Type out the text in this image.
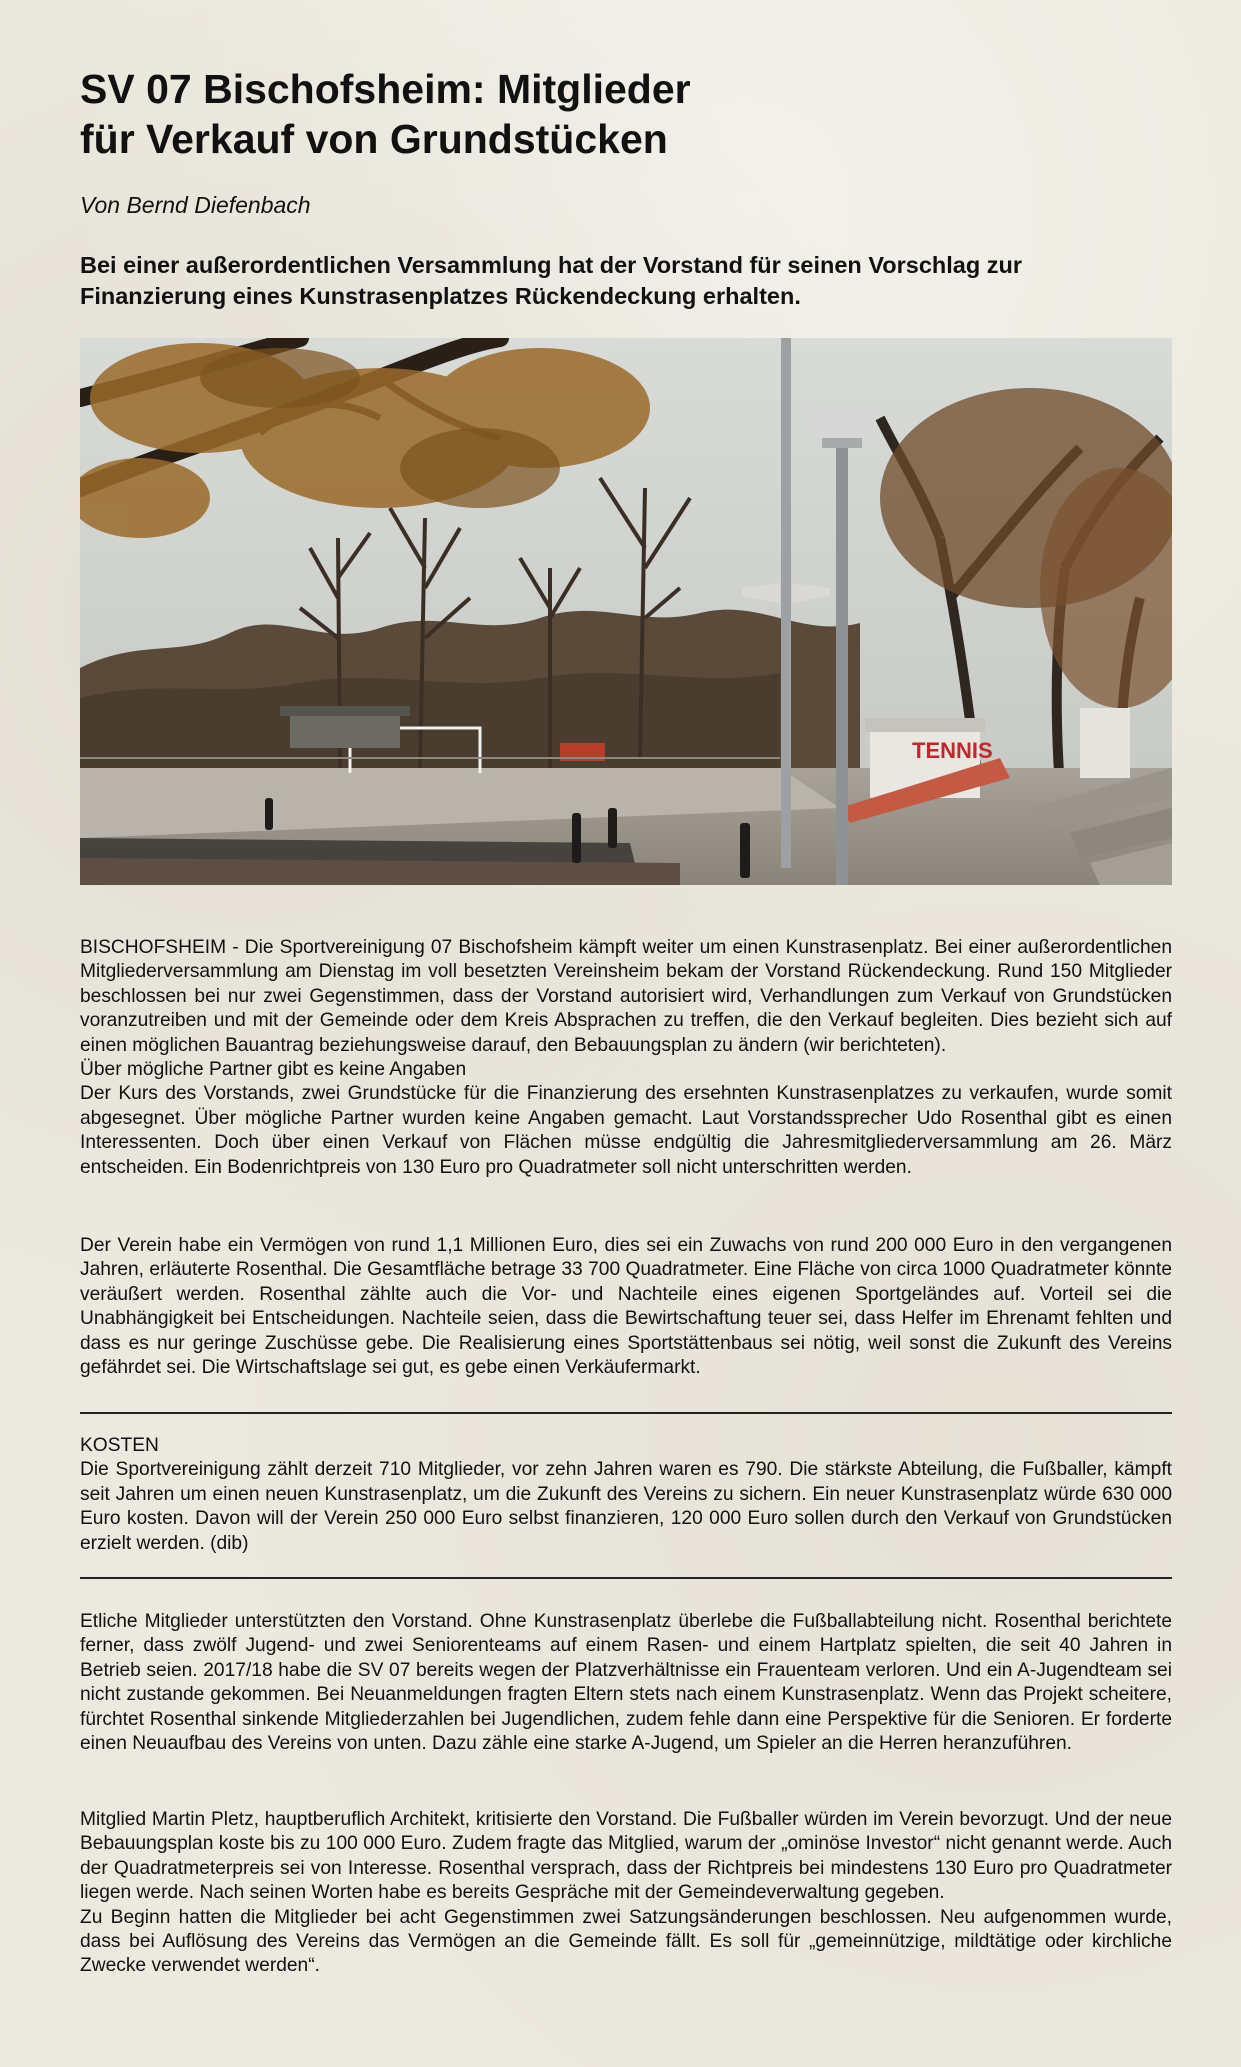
SV 07 Bischofsheim: Mitglieder
für Verkauf von Grundstücken

Von Bernd Diefenbach

Bei einer außerordentlichen Versammlung hat der Vorstand für seinen Vorschlag zur Finanzierung eines Kunstrasenplatzes Rückendeckung erhalten.

TENNIS

BISCHOFSHEIM - Die Sportvereinigung 07 Bischofsheim kämpft weiter um einen Kunstrasenplatz. Bei einer außerordentlichen Mitgliederversammlung am Dienstag im voll besetzten Vereinsheim bekam der Vorstand Rückendeckung. Rund 150 Mitglieder beschlossen bei nur zwei Gegenstimmen, dass der Vorstand autorisiert wird, Verhandlungen zum Verkauf von Grundstücken voranzutreiben und mit der Gemeinde oder dem Kreis Absprachen zu treffen, die den Verkauf begleiten. Dies bezieht sich auf einen möglichen Bauantrag beziehungsweise darauf, den Bebauungsplan zu ändern (wir berichteten).

Über mögliche Partner gibt es keine Angaben

Der Kurs des Vorstands, zwei Grundstücke für die Finanzierung des ersehnten Kunstrasenplatzes zu verkaufen, wurde somit abgesegnet. Über mögliche Partner wurden keine Angaben gemacht. Laut Vorstandssprecher Udo Rosenthal gibt es einen Interessenten. Doch über einen Verkauf von Flächen müsse endgültig die Jahresmitgliederversammlung am 26. März entscheiden. Ein Bodenrichtpreis von 130 Euro pro Quadratmeter soll nicht unterschritten werden.

Der Verein habe ein Vermögen von rund 1,1 Millionen Euro, dies sei ein Zuwachs von rund 200 000 Euro in den vergangenen Jahren, erläuterte Rosenthal. Die Gesamtfläche betrage 33 700 Quadratmeter. Eine Fläche von circa 1000 Quadratmeter könnte veräußert werden. Rosenthal zählte auch die Vor- und Nachteile eines eigenen Sportgeländes auf. Vorteil sei die Unabhängigkeit bei Entscheidungen. Nachteile seien, dass die Bewirtschaftung teuer sei, dass Helfer im Ehrenamt fehlten und dass es nur geringe Zuschüsse gebe. Die Realisierung eines Sportstättenbaus sei nötig, weil sonst die Zukunft des Vereins gefährdet sei. Die Wirtschaftslage sei gut, es gebe einen Verkäufermarkt.

KOSTEN

Die Sportvereinigung zählt derzeit 710 Mitglieder, vor zehn Jahren waren es 790. Die stärkste Abteilung, die Fußballer, kämpft seit Jahren um einen neuen Kunstrasenplatz, um die Zukunft des Vereins zu sichern. Ein neuer Kunstrasenplatz würde 630 000 Euro kosten. Davon will der Verein 250 000 Euro selbst finanzieren, 120 000 Euro sollen durch den Verkauf von Grundstücken erzielt werden. (dib)

Etliche Mitglieder unterstützten den Vorstand. Ohne Kunstrasenplatz überlebe die Fußballabteilung nicht. Rosenthal berichtete ferner, dass zwölf Jugend- und zwei Seniorenteams auf einem Rasen- und einem Hartplatz spielten, die seit 40 Jahren in Betrieb seien. 2017/18 habe die SV 07 bereits wegen der Platzverhältnisse ein Frauenteam verloren. Und ein A-Jugendteam sei nicht zustande gekommen. Bei Neuanmeldungen fragten Eltern stets nach einem Kunstrasenplatz. Wenn das Projekt scheitere, fürchtet Rosenthal sinkende Mitgliederzahlen bei Jugendlichen, zudem fehle dann eine Perspektive für die Senioren. Er forderte einen Neuaufbau des Vereins von unten. Dazu zähle eine starke A-Jugend, um Spieler an die Herren heranzuführen.

Mitglied Martin Pletz, hauptberuflich Architekt, kritisierte den Vorstand. Die Fußballer würden im Verein bevorzugt. Und der neue Bebauungsplan koste bis zu 100 000 Euro. Zudem fragte das Mitglied, warum der „ominöse Investor“ nicht genannt werde. Auch der Quadratmeterpreis sei von Interesse. Rosenthal versprach, dass der Richtpreis bei mindestens 130 Euro pro Quadratmeter liegen werde. Nach seinen Worten habe es bereits Gespräche mit der Gemeindeverwaltung gegeben.

Zu Beginn hatten die Mitglieder bei acht Gegenstimmen zwei Satzungsänderungen beschlossen. Neu aufgenommen wurde, dass bei Auflösung des Vereins das Vermögen an die Gemeinde fällt. Es soll für „gemeinnützige, mildtätige oder kirchliche Zwecke verwendet werden“.
